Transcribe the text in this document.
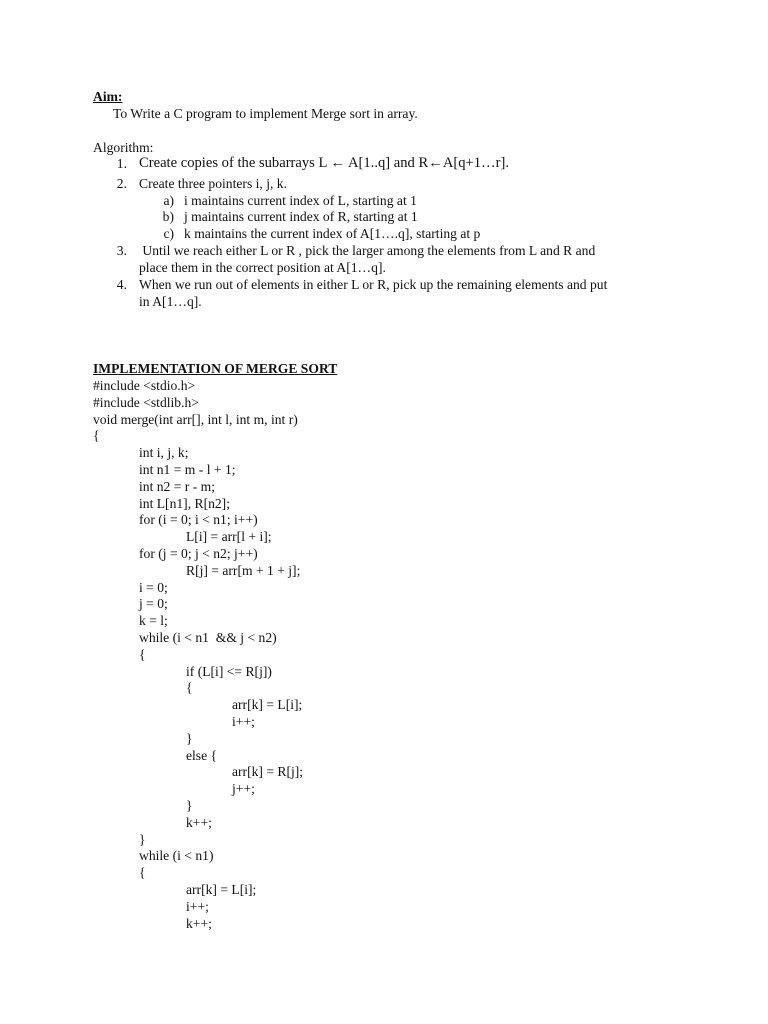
Aim:
To Write a C program to implement Merge sort in array.
Algorithm:
1. Create copies of the subarrays L ← A[1..q] and R←A[q+1…r].
2. Create three pointers i, j, k.
a) i maintains current index of L, starting at 1
b) j maintains current index of R, starting at 1
c) k maintains the current index of A[1….q], starting at p
3. Until we reach either L or R , pick the larger among the elements from L and R and
place them in the correct position at A[1…q].
4. When we run out of elements in either L or R, pick up the remaining elements and put
in A[1…q].
IMPLEMENTATION OF MERGE SORT
#include <stdio.h>
#include <stdlib.h>
void merge(int arr[], int l, int m, int r)
{
int i, j, k;
int n1 = m - l + 1;
int n2 = r - m;
int L[n1], R[n2];
for (i = 0; i < n1; i++)
L[i] = arr[l + i];
for (j = 0; j < n2; j++)
R[j] = arr[m + 1 + j];
i = 0;
j = 0;
k = l;
while (i < n1  && j < n2)
{
if (L[i] <= R[j])
{
arr[k] = L[i];
i++;
}
else {
arr[k] = R[j];
j++;
}
k++;
}
while (i < n1)
{
arr[k] = L[i];
i++;
k++;
